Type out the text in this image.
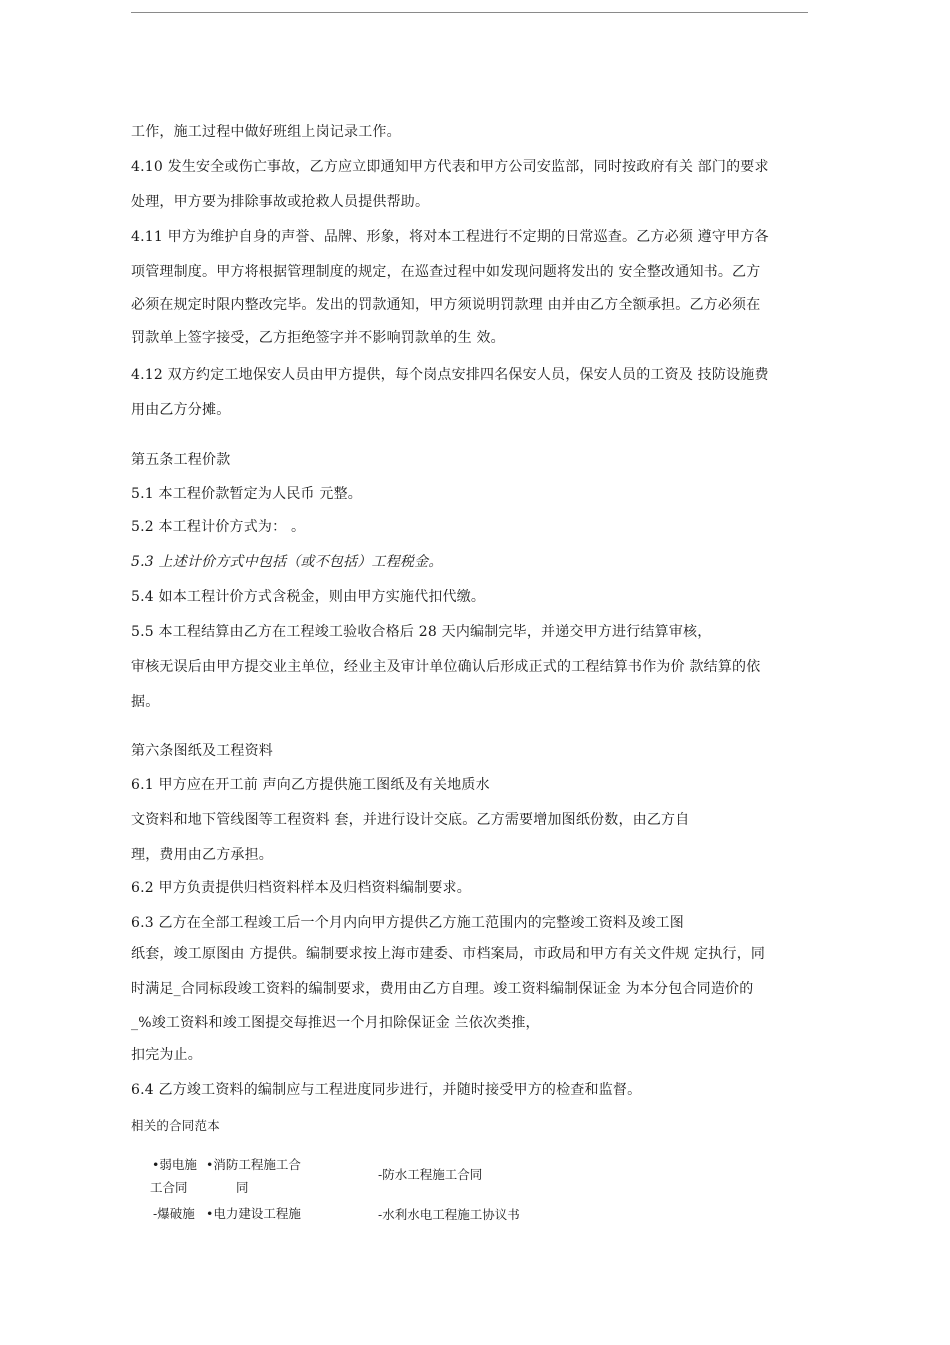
工作，施工过程中做好班组上岗记录工作。
4.10 发生安全或伤亡事故，乙方应立即通知甲方代表和甲方公司安监部，同时按政府有关 部门的要求
处理，甲方要为排除事故或抢救人员提供帮助。
4.11 甲方为维护自身的声誉、品牌、形象，将对本工程进行不定期的日常巡查。乙方必须 遵守甲方各
项管理制度。甲方将根据管理制度的规定，在巡查过程中如发现问题将发出的 安全整改通知书。乙方
必须在规定时限内整改完毕。发出的罚款通知，甲方须说明罚款理 由并由乙方全额承担。乙方必须在
罚款单上签字接受，乙方拒绝签字并不影响罚款单的生 效。
4.12 双方约定工地保安人员由甲方提供，每个岗点安排四名保安人员，保安人员的工资及 技防设施费
用由乙方分摊。
第五条工程价款
5.1 本工程价款暂定为人民币 元整。
5.2 本工程计价方式为： 。
5.3 上述计价方式中包括（或不包括）工程税金。
5.4 如本工程计价方式含税金，则由甲方实施代扣代缴。
5.5 本工程结算由乙方在工程竣工验收合格后 28 天内编制完毕，并递交甲方进行结算审核，
审核无误后由甲方提交业主单位，经业主及审计单位确认后形成正式的工程结算书作为价 款结算的依
据。
第六条图纸及工程资料
6.1 甲方应在开工前 声向乙方提供施工图纸及有关地质水
文资料和地下管线图等工程资料 套，并进行设计交底。乙方需要增加图纸份数，由乙方自
理，费用由乙方承担。
6.2 甲方负责提供归档资料样本及归档资料编制要求。
6.3 乙方在全部工程竣工后一个月内向甲方提供乙方施工范围内的完整竣工资料及竣工图
纸套，竣工原图由 方提供。编制要求按上海市建委、市档案局，市政局和甲方有关文件规 定执行，同
时满足_合同标段竣工资料的编制要求，费用由乙方自理。竣工资料编制保证金 为本分包合同造价的
_%竣工资料和竣工图提交每推迟一个月扣除保证金 兰依次类推，
扣完为止。
6.4 乙方竣工资料的编制应与工程进度同步进行，并随时接受甲方的检查和监督。
相关的合同范本
•弱电施 •消防工程施工合
-防水工程施工合同
工合同	同
-爆破施 •电力建设工程施	-水利水电工程施工协议书
